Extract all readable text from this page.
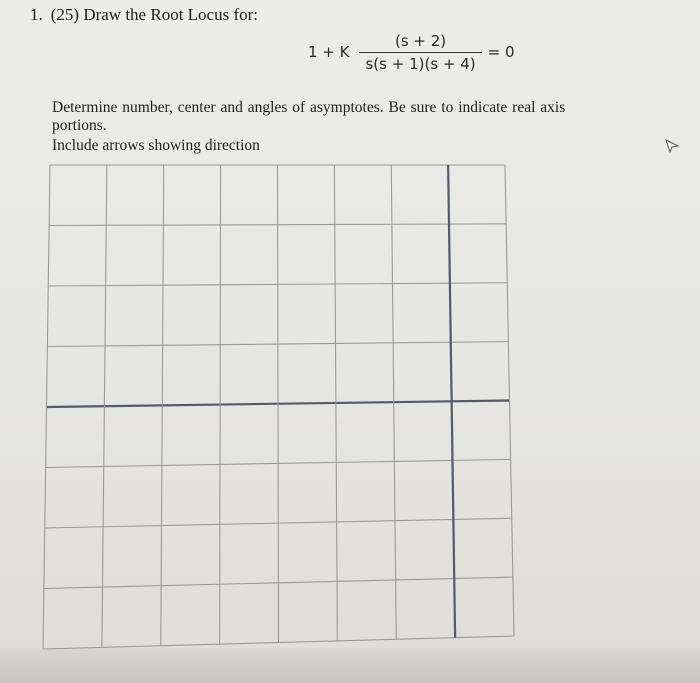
1. (25) Draw the Root Locus for:
1 + K $\frac{(s + 2)}{s(s + 1)(s + 4)} = 0$

Determine number, center and angles of asymptotes. Be sure to indicate real axis

portions.

Include arrows showing direction
